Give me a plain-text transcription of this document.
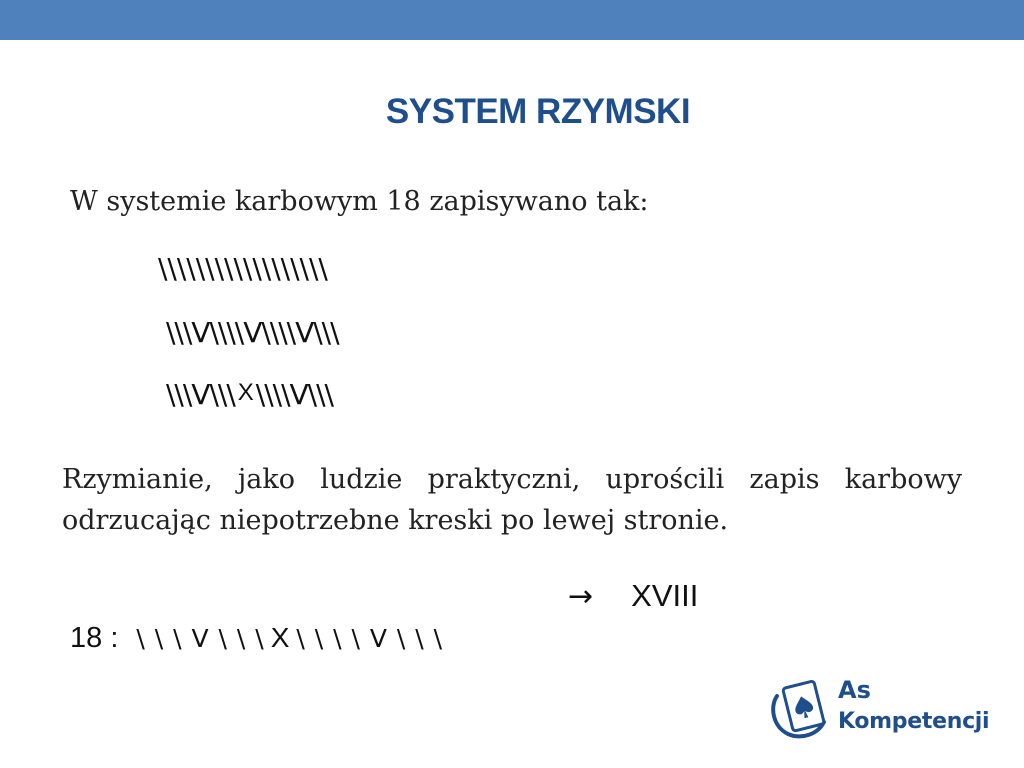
SYSTEM RZYMSKI
W systemie karbowym 18 zapisywano tak:
\\\\\\\\\\\\\\\\\\
\\\V\\\\V\\\\V\\\
\\\V\\\ X \\\\V\\\
Rzymianie, jako ludzie praktyczni, uprościli zapis karbowy odrzucając niepotrzebne kreski po lewej stronie.
→ XVIII
18 : \ \ \ V \ \ \ X \ \ \ \ V \ \ \
As
Kompetencji
